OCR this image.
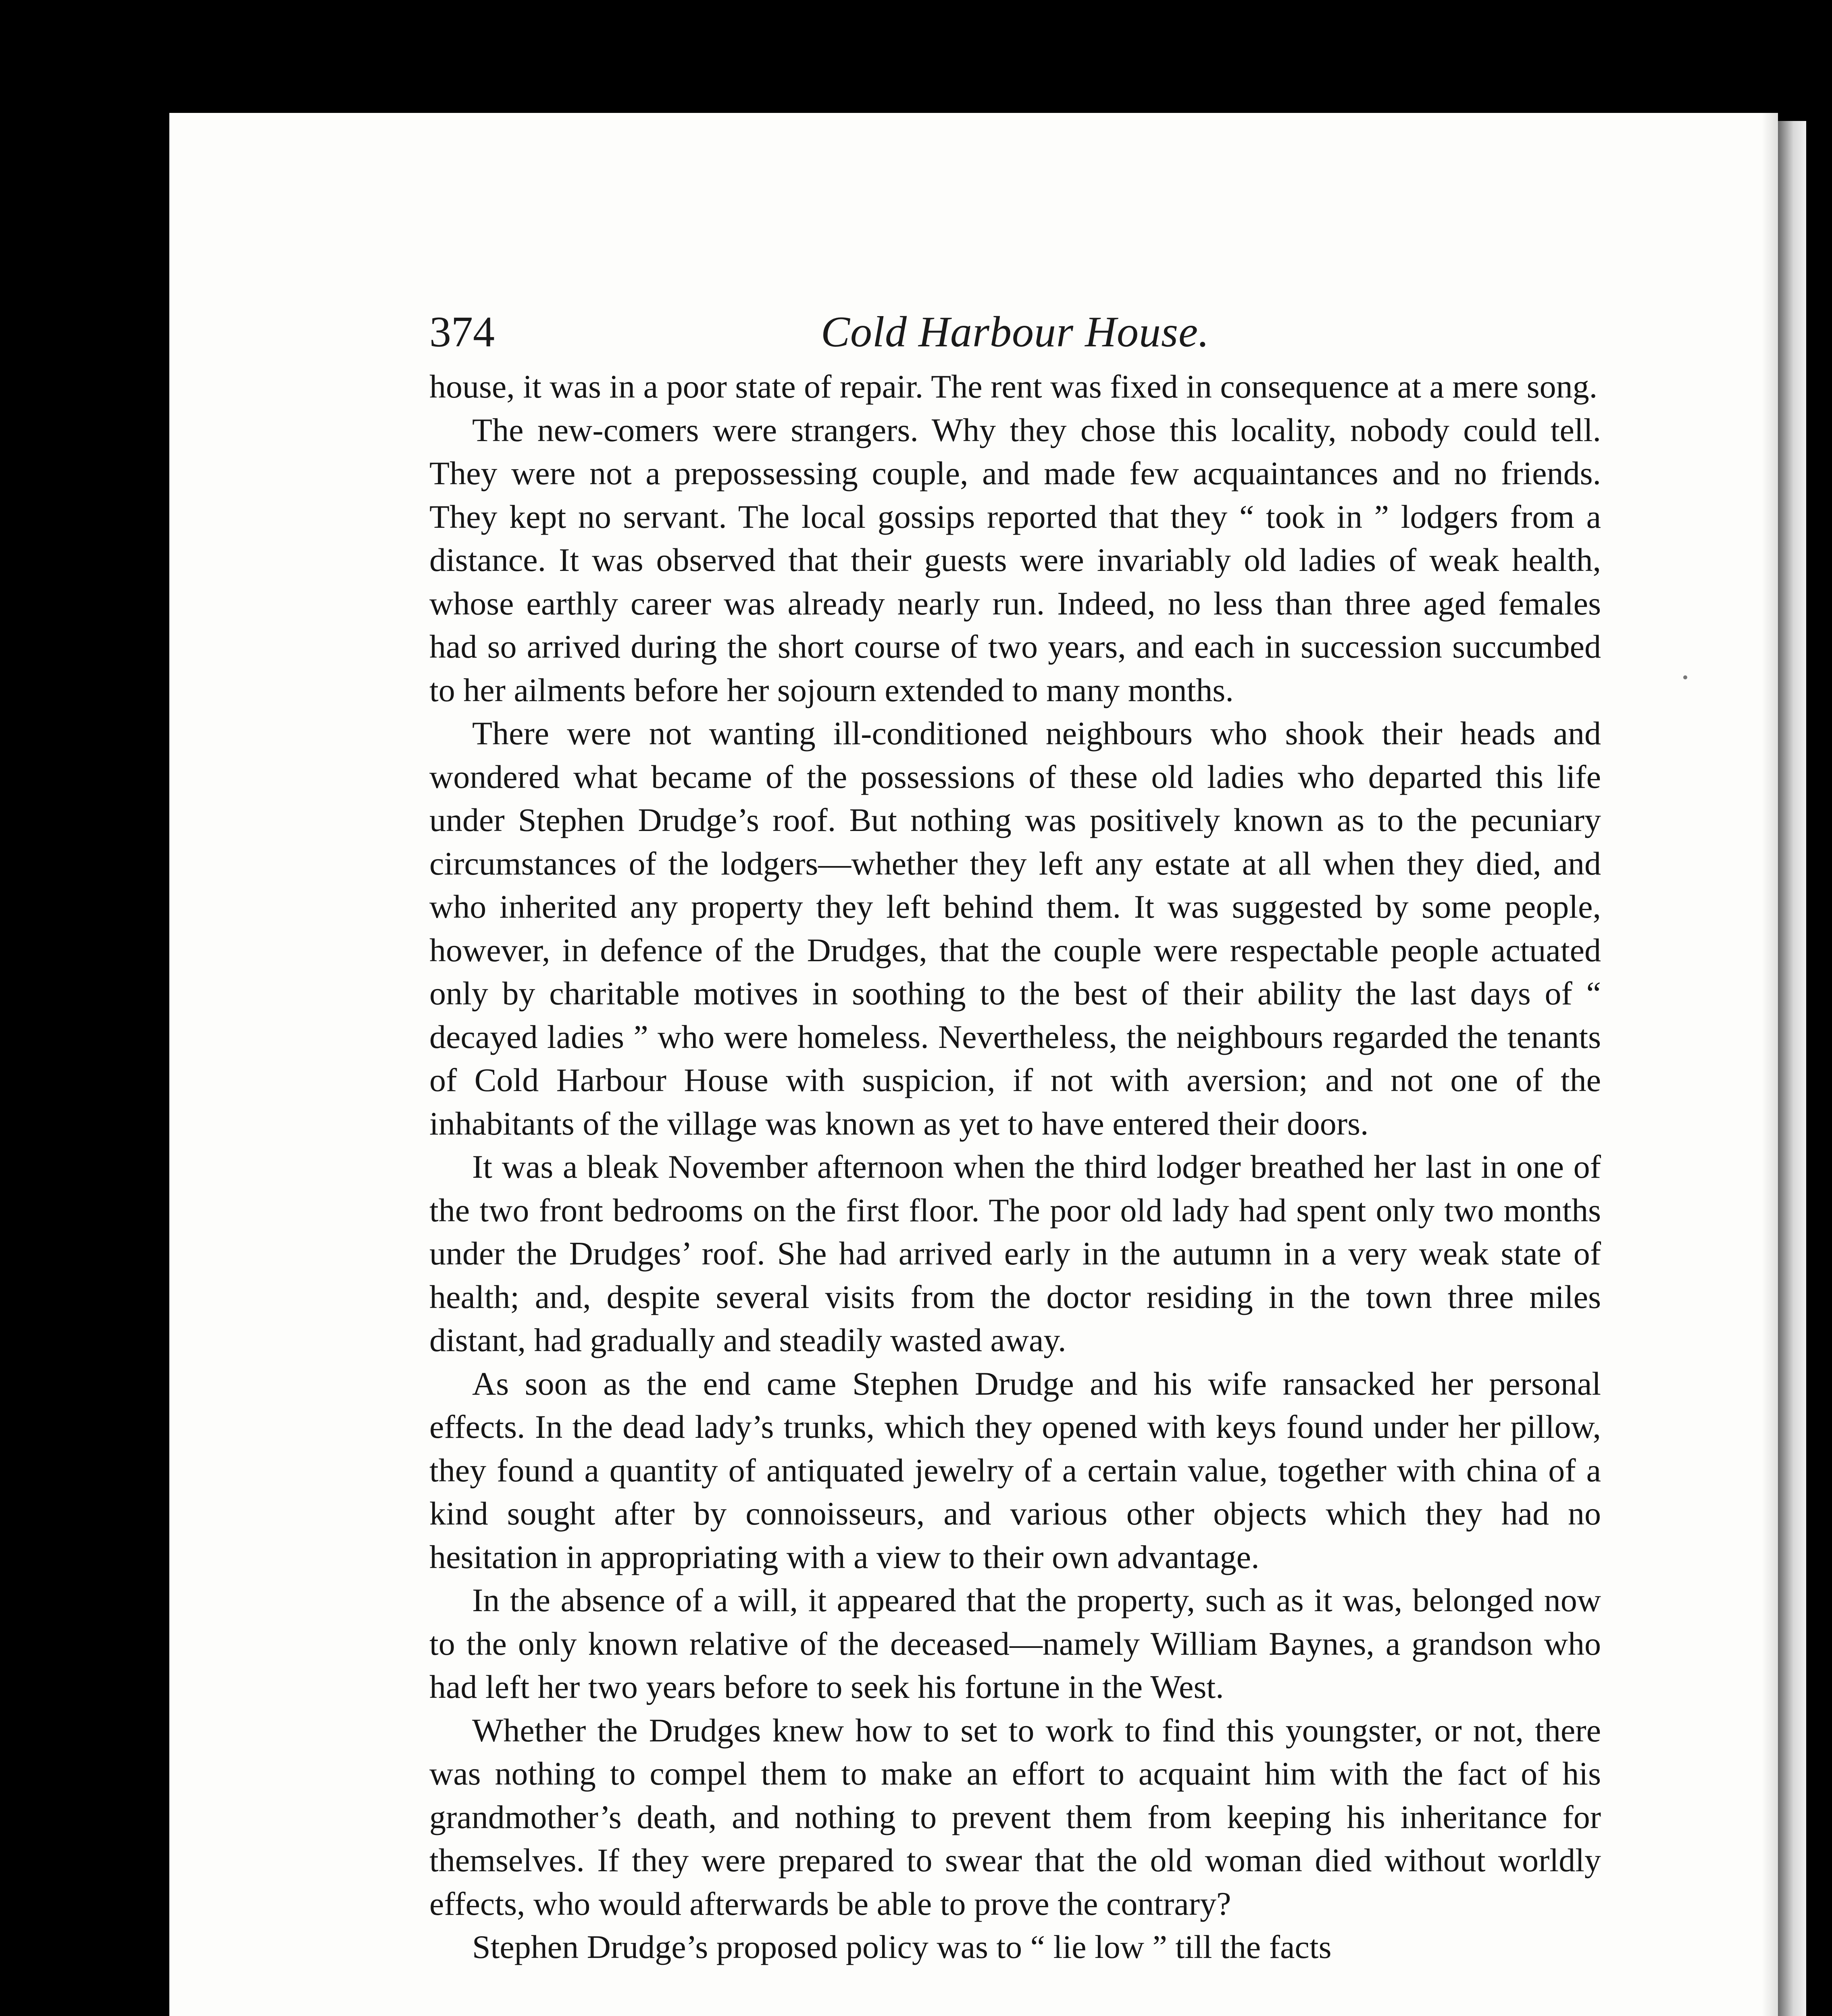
374	Cold Harbour House.

house, it was in a poor state of repair. The rent was fixed in consequence at a mere song.

The new-comers were strangers. Why they chose this locality, nobody could tell. They were not a prepossessing couple, and made few acquaintances and no friends. They kept no servant. The local gossips reported that they “ took in ” lodgers from a distance. It was observed that their guests were invariably old ladies of weak health, whose earthly career was already nearly run. Indeed, no less than three aged females had so arrived during the short course of two years, and each in succession succumbed to her ailments before her sojourn extended to many months.

There were not wanting ill-conditioned neighbours who shook their heads and wondered what became of the possessions of these old ladies who departed this life under Stephen Drudge’s roof. But nothing was positively known as to the pecuniary circumstances of the lodgers—whether they left any estate at all when they died, and who inherited any property they left behind them. It was suggested by some people, however, in defence of the Drudges, that the couple were respectable people actuated only by charitable motives in soothing to the best of their ability the last days of “ decayed ladies ” who were homeless. Nevertheless, the neighbours regarded the tenants of Cold Harbour House with suspicion, if not with aversion; and not one of the inhabitants of the village was known as yet to have entered their doors.

It was a bleak November afternoon when the third lodger breathed her last in one of the two front bedrooms on the first floor. The poor old lady had spent only two months under the Drudges’ roof. She had arrived early in the autumn in a very weak state of health; and, despite several visits from the doctor residing in the town three miles distant, had gradually and steadily wasted away.

As soon as the end came Stephen Drudge and his wife ransacked her personal effects. In the dead lady’s trunks, which they opened with keys found under her pillow, they found a quantity of antiquated jewelry of a certain value, together with china of a kind sought after by connoisseurs, and various other objects which they had no hesitation in appropriating with a view to their own advantage.

In the absence of a will, it appeared that the property, such as it was, belonged now to the only known relative of the deceased—namely William Baynes, a grandson who had left her two years before to seek his fortune in the West.

Whether the Drudges knew how to set to work to find this youngster, or not, there was nothing to compel them to make an effort to acquaint him with the fact of his grandmother’s death, and nothing to prevent them from keeping his inheritance for themselves. If they were prepared to swear that the old woman died without worldly effects, who would afterwards be able to prove the contrary?

Stephen Drudge’s proposed policy was to “ lie low ” till the facts
